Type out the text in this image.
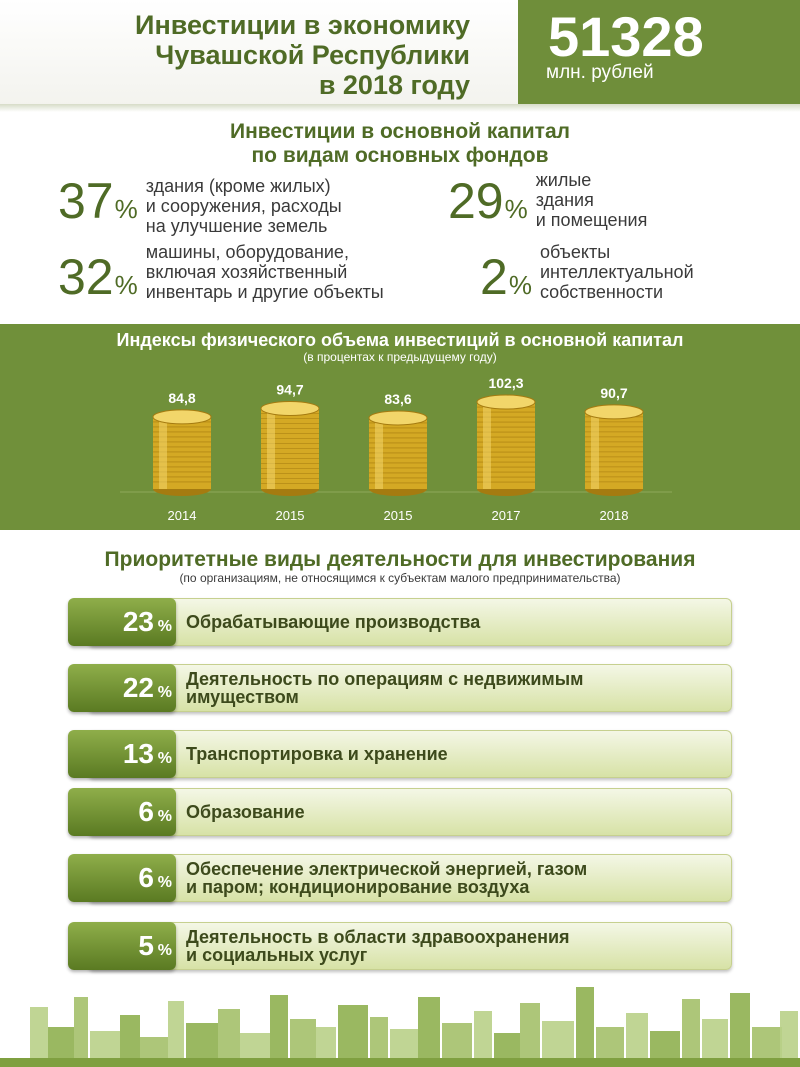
Инвестиции в экономику
Чувашской Республики
в 2018 году
51328
млн. рублей
Инвестиции в основной капитал
по видам основных фондов
37 %
здания (кроме жилых)
и сооружения, расходы
на улучшение земель 29 %
жилые
здания
и помещения
32 %
машины, оборудование,
включая хозяйственный
инвентарь и другие объекты 2 %
объекты
интеллектуальной
собственности
Индексы физического объема инвестиций в основной капитал
(в процентах к предыдущему году)
84,8
2014
94,7
2015
83,6
2015
102,3
2017
90,7
2018
Приоритетные виды деятельности для инвестирования
(по организациям, не относящимся к субъектам малого предпринимательства)
23 % Обрабатывающие производства
22 %
Деятельность по операциям с недвижимым
имуществом
13 % Транспортировка и хранение
6 % Образование
6 %
Обеспечение электрической энергией, газом
и паром; кондиционирование воздуха
5 %
Деятельность в области здравоохранения
и социальных услуг
